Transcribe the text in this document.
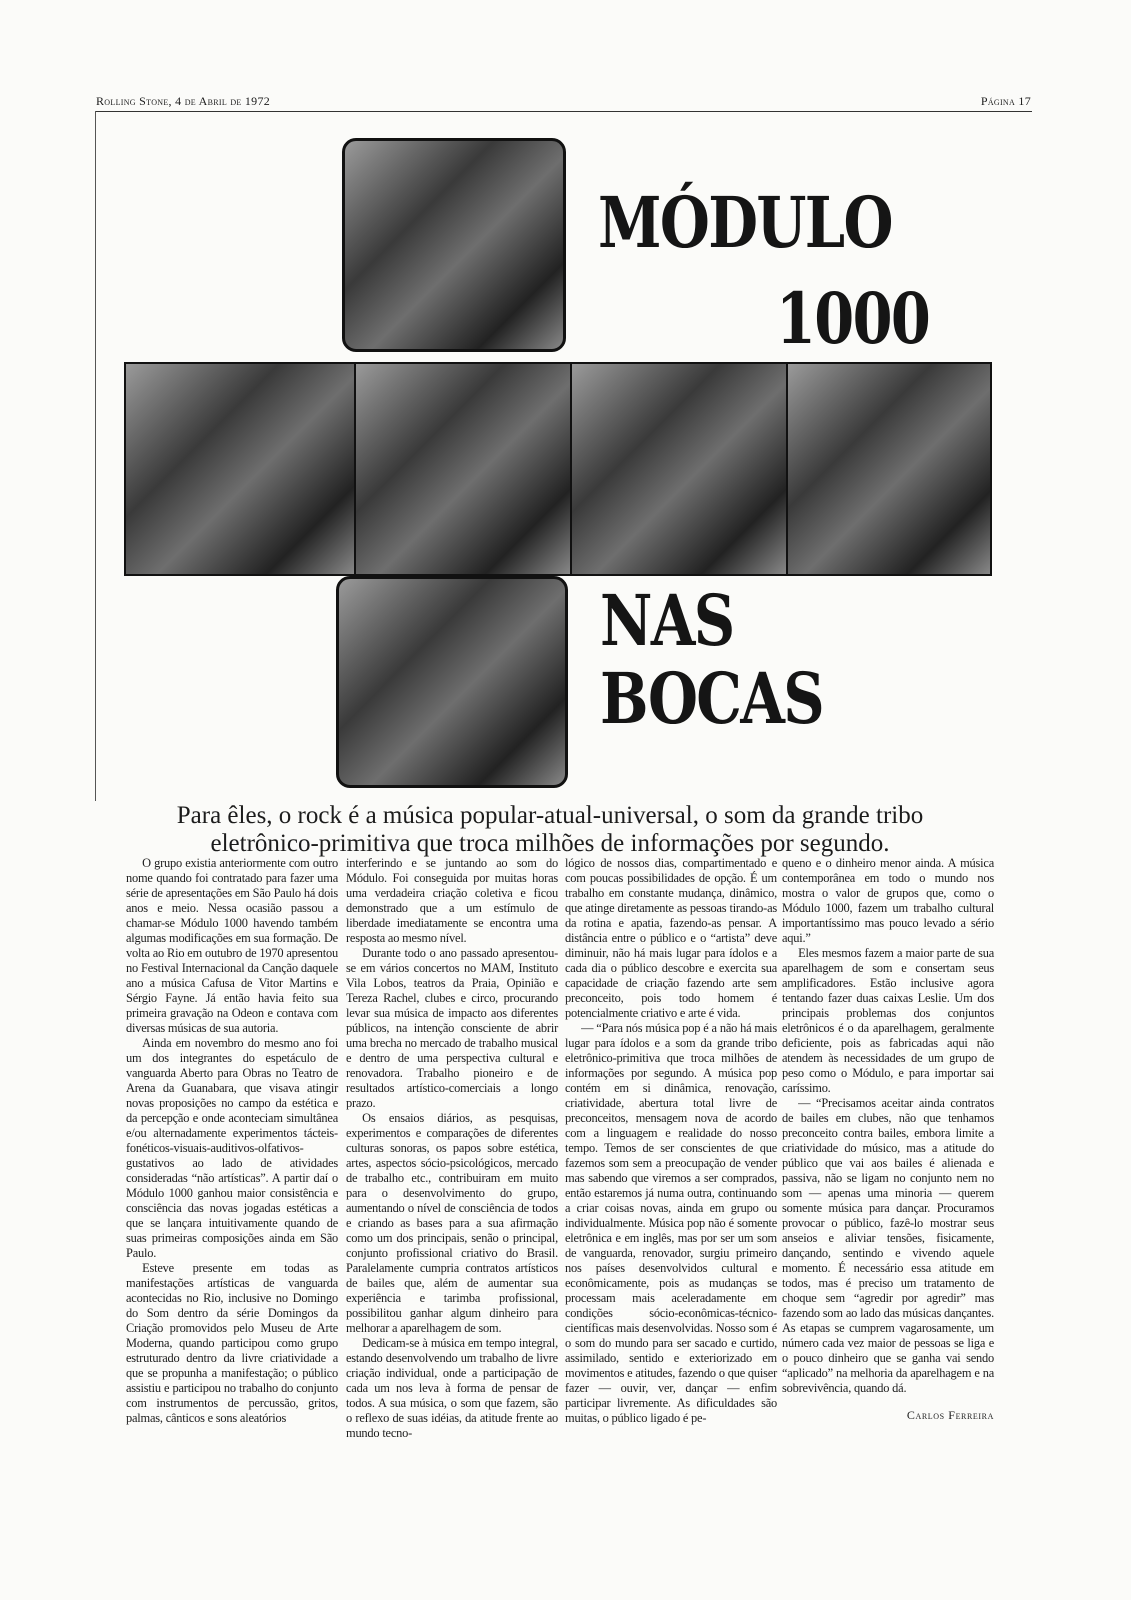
Rolling Stone, 4 de Abril de 1972	Página 17
MÓDULO
1000
NAS
BOCAS
Para êles, o rock é a música popular-atual-universal, o som da grande tribo
eletrônico-primitiva que troca milhões de informações por segundo.

O grupo existia anteriormente com outro nome quando foi contratado para fazer uma série de apresentações em São Paulo há dois anos e meio. Nessa ocasião passou a chamar-se Módulo 1000 havendo também algumas modificações em sua formação. De volta ao Rio em outubro de 1970 apresentou no Festival Internacional da Canção daquele ano a música Cafusa de Vitor Martins e Sérgio Fayne. Já então havia feito sua primeira gravação na Odeon e contava com diversas músicas de sua autoria.

Ainda em novembro do mesmo ano foi um dos integrantes do espetáculo de vanguarda Aberto para Obras no Teatro de Arena da Guanabara, que visava atingir novas proposições no campo da estética e da percepção e onde aconteciam simultânea e/ou alternadamente experimentos tácteis-fonéticos-visuais-auditivos-olfativos-gustativos ao lado de atividades consideradas “não artísticas”. A partir daí o Módulo 1000 ganhou maior consistência e consciência das novas jogadas estéticas a que se lançara intuitivamente quando de suas primeiras composições ainda em São Paulo.

Esteve presente em todas as manifestações artísticas de vanguarda acontecidas no Rio, inclusive no Domingo do Som dentro da série Domingos da Criação promovidos pelo Museu de Arte Moderna, quando participou como grupo estruturado dentro da livre criatividade a que se propunha a manifestação; o público assistiu e participou no trabalho do conjunto com instrumentos de percussão, gritos, palmas, cânticos e sons aleatórios

interferindo e se juntando ao som do Módulo. Foi conseguida por muitas horas uma verdadeira criação coletiva e ficou demonstrado que a um estímulo de liberdade imediatamente se encontra uma resposta ao mesmo nível.

Durante todo o ano passado apresentou-se em vários concertos no MAM, Instituto Vila Lobos, teatros da Praia, Opinião e Tereza Rachel, clubes e circo, procurando levar sua música de impacto aos diferentes públicos, na intenção consciente de abrir uma brecha no mercado de trabalho musical e dentro de uma perspectiva cultural e renovadora. Trabalho pioneiro e de resultados artístico-comerciais a longo prazo.

Os ensaios diários, as pesquisas, experimentos e comparações de diferentes culturas sonoras, os papos sobre estética, artes, aspectos sócio-psicológicos, mercado de trabalho etc., contribuiram em muito para o desenvolvimento do grupo, aumentando o nível de consciência de todos e criando as bases para a sua afirmação como um dos principais, senão o principal, conjunto profissional criativo do Brasil. Paralelamente cumpria contratos artísticos de bailes que, além de aumentar sua experiência e tarimba profissional, possibilitou ganhar algum dinheiro para melhorar a aparelhagem de som.

Dedicam-se à música em tempo integral, estando desenvolvendo um trabalho de livre criação individual, onde a participação de cada um nos leva à forma de pensar de todos. A sua música, o som que fazem, são o reflexo de suas idéias, da atitude frente ao mundo tecno-

lógico de nossos dias, compartimentado e com poucas possibilidades de opção. É um trabalho em constante mudança, dinâmico, que atinge diretamente as pessoas tirando-as da rotina e apatia, fazendo-as pensar. A distância entre o público e o “artista” deve diminuir, não há mais lugar para ídolos e a cada dia o público descobre e exercita sua capacidade de criação fazendo arte sem preconceito, pois todo homem é potencialmente criativo e arte é vida.

— “Para nós música pop é a não há mais lugar para ídolos e a som da grande tribo eletrônico-primitiva que troca milhões de informações por segundo. A música pop contém em si dinâmica, renovação, criatividade, abertura total livre de preconceitos, mensagem nova de acordo com a linguagem e realidade do nosso tempo. Temos de ser conscientes de que fazemos som sem a preocupação de vender mas sabendo que viremos a ser comprados, então estaremos já numa outra, continuando a criar coisas novas, ainda em grupo ou individualmente. Música pop não é somente eletrônica e em inglês, mas por ser um som de vanguarda, renovador, surgiu primeiro nos países desenvolvidos cultural e econômicamente, pois as mudanças se processam mais aceleradamente em condições sócio-econômicas-técnico-científicas mais desenvolvidas. Nosso som é o som do mundo para ser sacado e curtido, assimilado, sentido e exteriorizado em movimentos e atitudes, fazendo o que quiser fazer — ouvir, ver, dançar — enfim participar livremente. As dificuldades são muitas, o público ligado é pe-

queno e o dinheiro menor ainda. A música contemporânea em todo o mundo nos mostra o valor de grupos que, como o Módulo 1000, fazem um trabalho cultural importantíssimo mas pouco levado a sério aqui.”

Eles mesmos fazem a maior parte de sua aparelhagem de som e consertam seus amplificadores. Estão inclusive agora tentando fazer duas caixas Leslie. Um dos principais problemas dos conjuntos eletrônicos é o da aparelhagem, geralmente deficiente, pois as fabricadas aqui não atendem às necessidades de um grupo de peso como o Módulo, e para importar sai caríssimo.

— “Precisamos aceitar ainda contratos de bailes em clubes, não que tenhamos preconceito contra bailes, embora limite a criatividade do músico, mas a atitude do público que vai aos bailes é alienada e passiva, não se ligam no conjunto nem no som — apenas uma minoria — querem somente música para dançar. Procuramos provocar o público, fazê-lo mostrar seus anseios e aliviar tensões, fisicamente, dançando, sentindo e vivendo aquele momento. É necessário essa atitude em todos, mas é preciso um tratamento de choque sem “agredir por agredir” mas fazendo som ao lado das músicas dançantes. As etapas se cumprem vagarosamente, um número cada vez maior de pessoas se liga e o pouco dinheiro que se ganha vai sendo “aplicado” na melhoria da aparelhagem e na sobrevivência, quando dá.

Carlos Ferreira
